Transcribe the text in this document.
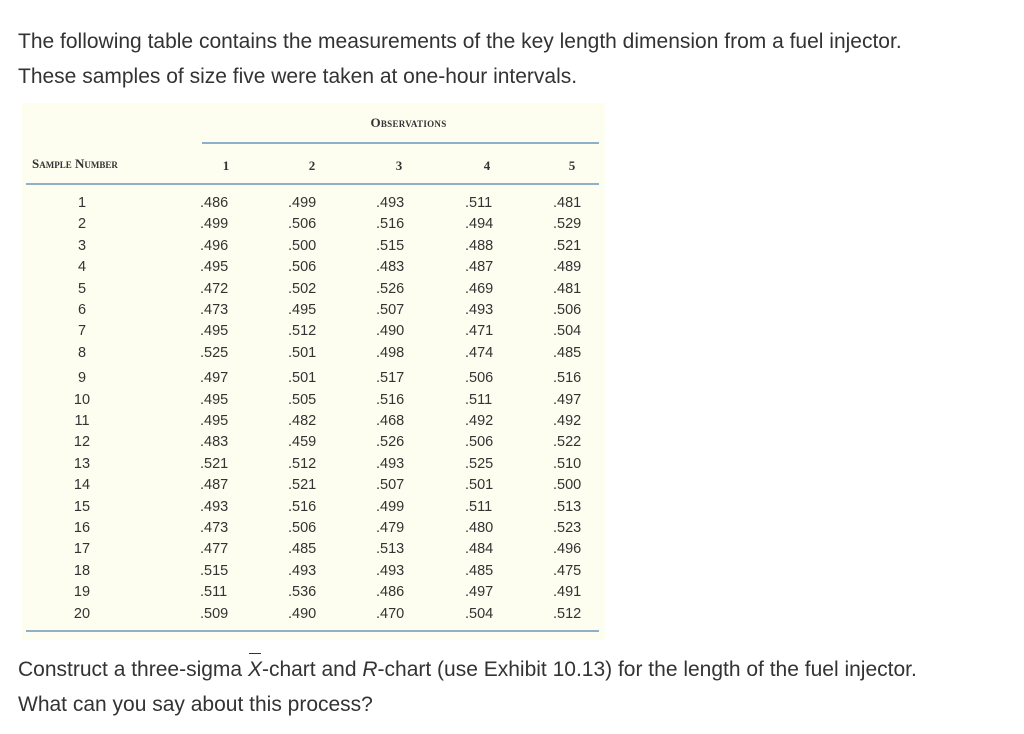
The following table contains the measurements of the key length dimension from a fuel injector.

These samples of size five were taken at one-hour intervals.

Observations
Sample Number	1	2	3	4	5
1	.486	.499	.493	.511	.481
2	.499	.506	.516	.494	.529
3	.496	.500	.515	.488	.521
4	.495	.506	.483	.487	.489
5	.472	.502	.526	.469	.481
6	.473	.495	.507	.493	.506
7	.495	.512	.490	.471	.504
8	.525	.501	.498	.474	.485
9	.497	.501	.517	.506	.516
10	.495	.505	.516	.511	.497
11	.495	.482	.468	.492	.492
12	.483	.459	.526	.506	.522
13	.521	.512	.493	.525	.510
14	.487	.521	.507	.501	.500
15	.493	.516	.499	.511	.513
16	.473	.506	.479	.480	.523
17	.477	.485	.513	.484	.496
18	.515	.493	.493	.485	.475
19	.511	.536	.486	.497	.491
20	.509	.490	.470	.504	.512

Construct a three-sigma X-chart and R-chart (use Exhibit 10.13) for the length of the fuel injector.

What can you say about this process?
